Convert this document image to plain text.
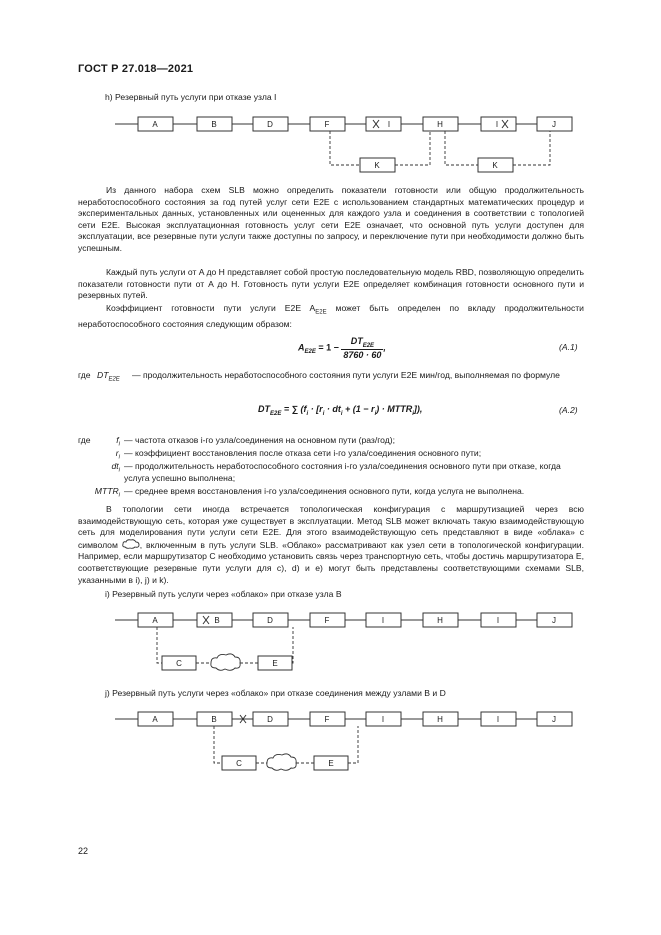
ГОСТ Р 27.018—2021
h) Резервный путь услуги при отказе узла I
A	B	D	F	I	H	I	J
K	K

Из данного набора схем SLB можно определить показатели готовности или общую продолжительность неработоспособного состояния за год путей услуг сети E2E с использованием стандартных математических процедур и экспериментальных данных, установленных или оцененных для каждого узла и соединения в соответствии с топологией сети E2E. Высокая эксплуатационная готовность услуг сети E2E означает, что основной путь услуги доступен для эксплуатации, все резервные пути услуги также доступны по запросу, и переключение пути при необходимости должно быть успешным.

Каждый путь услуги от A до H представляет собой простую последовательную модель RBD, позволяющую определить показатели готовности пути от A до H. Готовность пути услуги E2E определяет комбинация готовности основного пути и резервных путей.

Коэффициент готовности пути услуги E2E $A_{E2E}$ может быть определен по вкладу продолжительности неработоспособного состояния следующим образом:

$A_{E2E} = 1 - \frac{DT_{E2E}}{8760 \cdot 60}$ ,	(A.1)
где $DT_{E2E}$ — продолжительность неработоспособного состояния пути услуги E2E мин/год, выполняемая по формуле
$DT_{E2E}$ = ∑ ($f_i \cdot [r_i \cdot dt_i + (1 - r_i)$ · $MTTR_i$]),	(A.2)
где	$f_i$ — частота отказов i-го узла/соединения на основном пути (раз/год);
$r_i$ — коэффициент восстановления после отказа сети i-го узла/соединения основного пути;
$dt_i$ — продолжительность неработоспособного состояния i-го узла/соединения основного пути при отказе, когда услуга успешно выполнена;
$MTTR_i$ — среднее время восстановления i-го узла/соединения основного пути, когда услуга не выполнена.

В топологии сети иногда встречается топологическая конфигурация с маршрутизацией через всю взаимодействующую сеть, которая уже существует в эксплуатации. Метод SLB может включать такую взаимодействующую сеть для моделирования пути услуги сети E2E. Для этого взаимодействующую сеть представляют в виде «облака» с символом	, включенным в путь услуги SLB. «Облако» рассматривают как узел сети в топологической конфигурации. Например, если маршрутизатор C необходимо установить связь через транспортную сеть, чтобы достичь маршрутизатора E, соответствующие резервные пути услуги для c), d) и e) могут быть представлены соответствующими схемами SLB, указанными в i), j) и k).

i) Резервный путь услуги через «облако» при отказе узла B
A	B	D	F	I	H	I	J
C	E
j) Резервный путь услуги через «облако» при отказе соединения между узлами B и D
A	B	D	F	I	H	I	J
C	E
22
